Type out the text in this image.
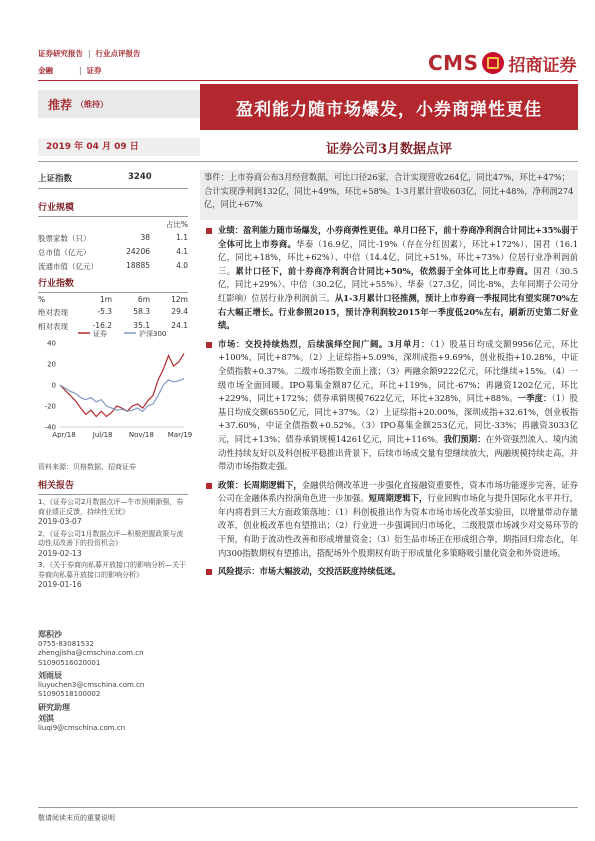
证券研究报告 | 行业点评报告
金融	| 证券	CMS 招商证券
推荐 （维持）	盈利能力随市场爆发，小券商弹性更佳
2019 年 04 月 09 日	证券公司3月数据点评
上证指数	3240
行业规模
占比%
股票家数（只）	38	1.1
总市值（亿元）	24206	4.1
流通市值（亿元）	18885	4.0
行业指数
%	1m	6m	12m
绝对表现	-5.3	58.3	29.4
相对表现	-16.2	35.1	24.1
证券	沪深300
-40
-20
0
20
40
Apr/18 Jul/18 Nov/18 Mar/19
资料来源：贝格数据、招商证券
相关报告
1、《证券公司2月数据点评—牛市预期渐强，券商业绩正反馈，持续性无忧》
2019-03-07
2、《证券公司1月数据点评—积极把握政策与流动性双改善下的投资机会》
2019-02-13
3、《关于券商向私募开放接口的影响分析—关于券商向私募开放接口的影响分析》
2019-01-16
郑积沙
0755-83081532
zhengjisha@cmschina.com.cn
S1090516020001
刘雨辰
liuyuchen3@cmschina.com.cn
S1090518100002
研究助理
刘淇
liuqi9@cmschina.com.cn
事件：上市券商公布3月经营数据，可比口径26家，合计实现营收264亿，同比47%，环比+47%；合计实现净利润132亿，同比+49%，环比+58%。1-3月累计营收603亿，同比+48%，净利润274亿，同比+67%
业绩：盈利能力随市场爆发，小券商弹性更佳。单月口径下，前十券商净利润合计同比+35%弱于全体可比上市券商。华泰（16.9亿，同比-19%（存在分红因素），环比+172%）、国君（16.1亿，同比+18%，环比+62%）、中信（14.4亿，同比+51%，环比+73%）位居行业净利润前三。累计口径下，前十券商净利润合计同比+50%，依然弱于全体可比上市券商。国君（30.5亿，同比+29%）、中信（30.2亿，同比+55%）、华泰（27.3亿，同比-8%，去年同期子公司分红影响）位居行业净利润前三。从1-3月累计口径推测，预计上市券商一季报同比有望实现70%左右大幅正增长。行业参照2015，预计净利润较2015年一季度低20%左右，刷新历史第二好业绩。
市场：交投持续热烈，后续演绎空间广阔。3月单月：（1）股基日均成交额9956亿元，环比+100%，同比+87%。（2）上证综指+5.09%，深圳成指+9.69%，创业板指+10.28%，中证全债指数+0.37%。二级市场指数全面上涨；（3）两融余额9222亿元，环比继续+15%。（4）一级市场全面回暖。IPO募集金额87亿元，环比+119%，同比-67%；再融资1202亿元，环比+229%，同比+172%；债券承销规模7622亿元，环比+328%，同比+88%。一季度：（1）股基日均成交额6550亿元，同比+37%。（2）上证综指+20.00%，深圳成指+32.61%，创业板指+37.60%，中证全债指数+0.52%。（3）IPO募集金额253亿元，同比-33%；再融资3033亿元，同比+13%；债券承销规模14261亿元，同比+116%。我们预期：在外资强烈流入、境内流动性持续友好以及科创板平稳推出背景下，后续市场成交量有望继续放大，两融规模持续走高，并带动市场指数走强。
政策：长周期逻辑下，金融供给侧改革进一步强化直接融资重要性，资本市场功能逐步完善，证券公司在金融体系内扮演角色进一步加强。短周期逻辑下，行业回购市场化与提升国际化水平并行，年内将看到三大方面政策落地：（1）科创板推出作为资本市场市场化改革实验田，以增量带动存量改革，创业板改革也有望推出；（2）行业进一步强调回归市场化，二级股票市场减少对交易环节的干预，有助于流动性改善和形成增量资金；（3）衍生品市场正在形成组合拳，期指回归常态化，年内300指数期权有望推出，搭配场外个股期权有助于形成量化多策略吸引量化资金和外资进场。
风险提示：市场大幅波动，交投活跃度持续低迷。
敬请阅读末页的重要说明
